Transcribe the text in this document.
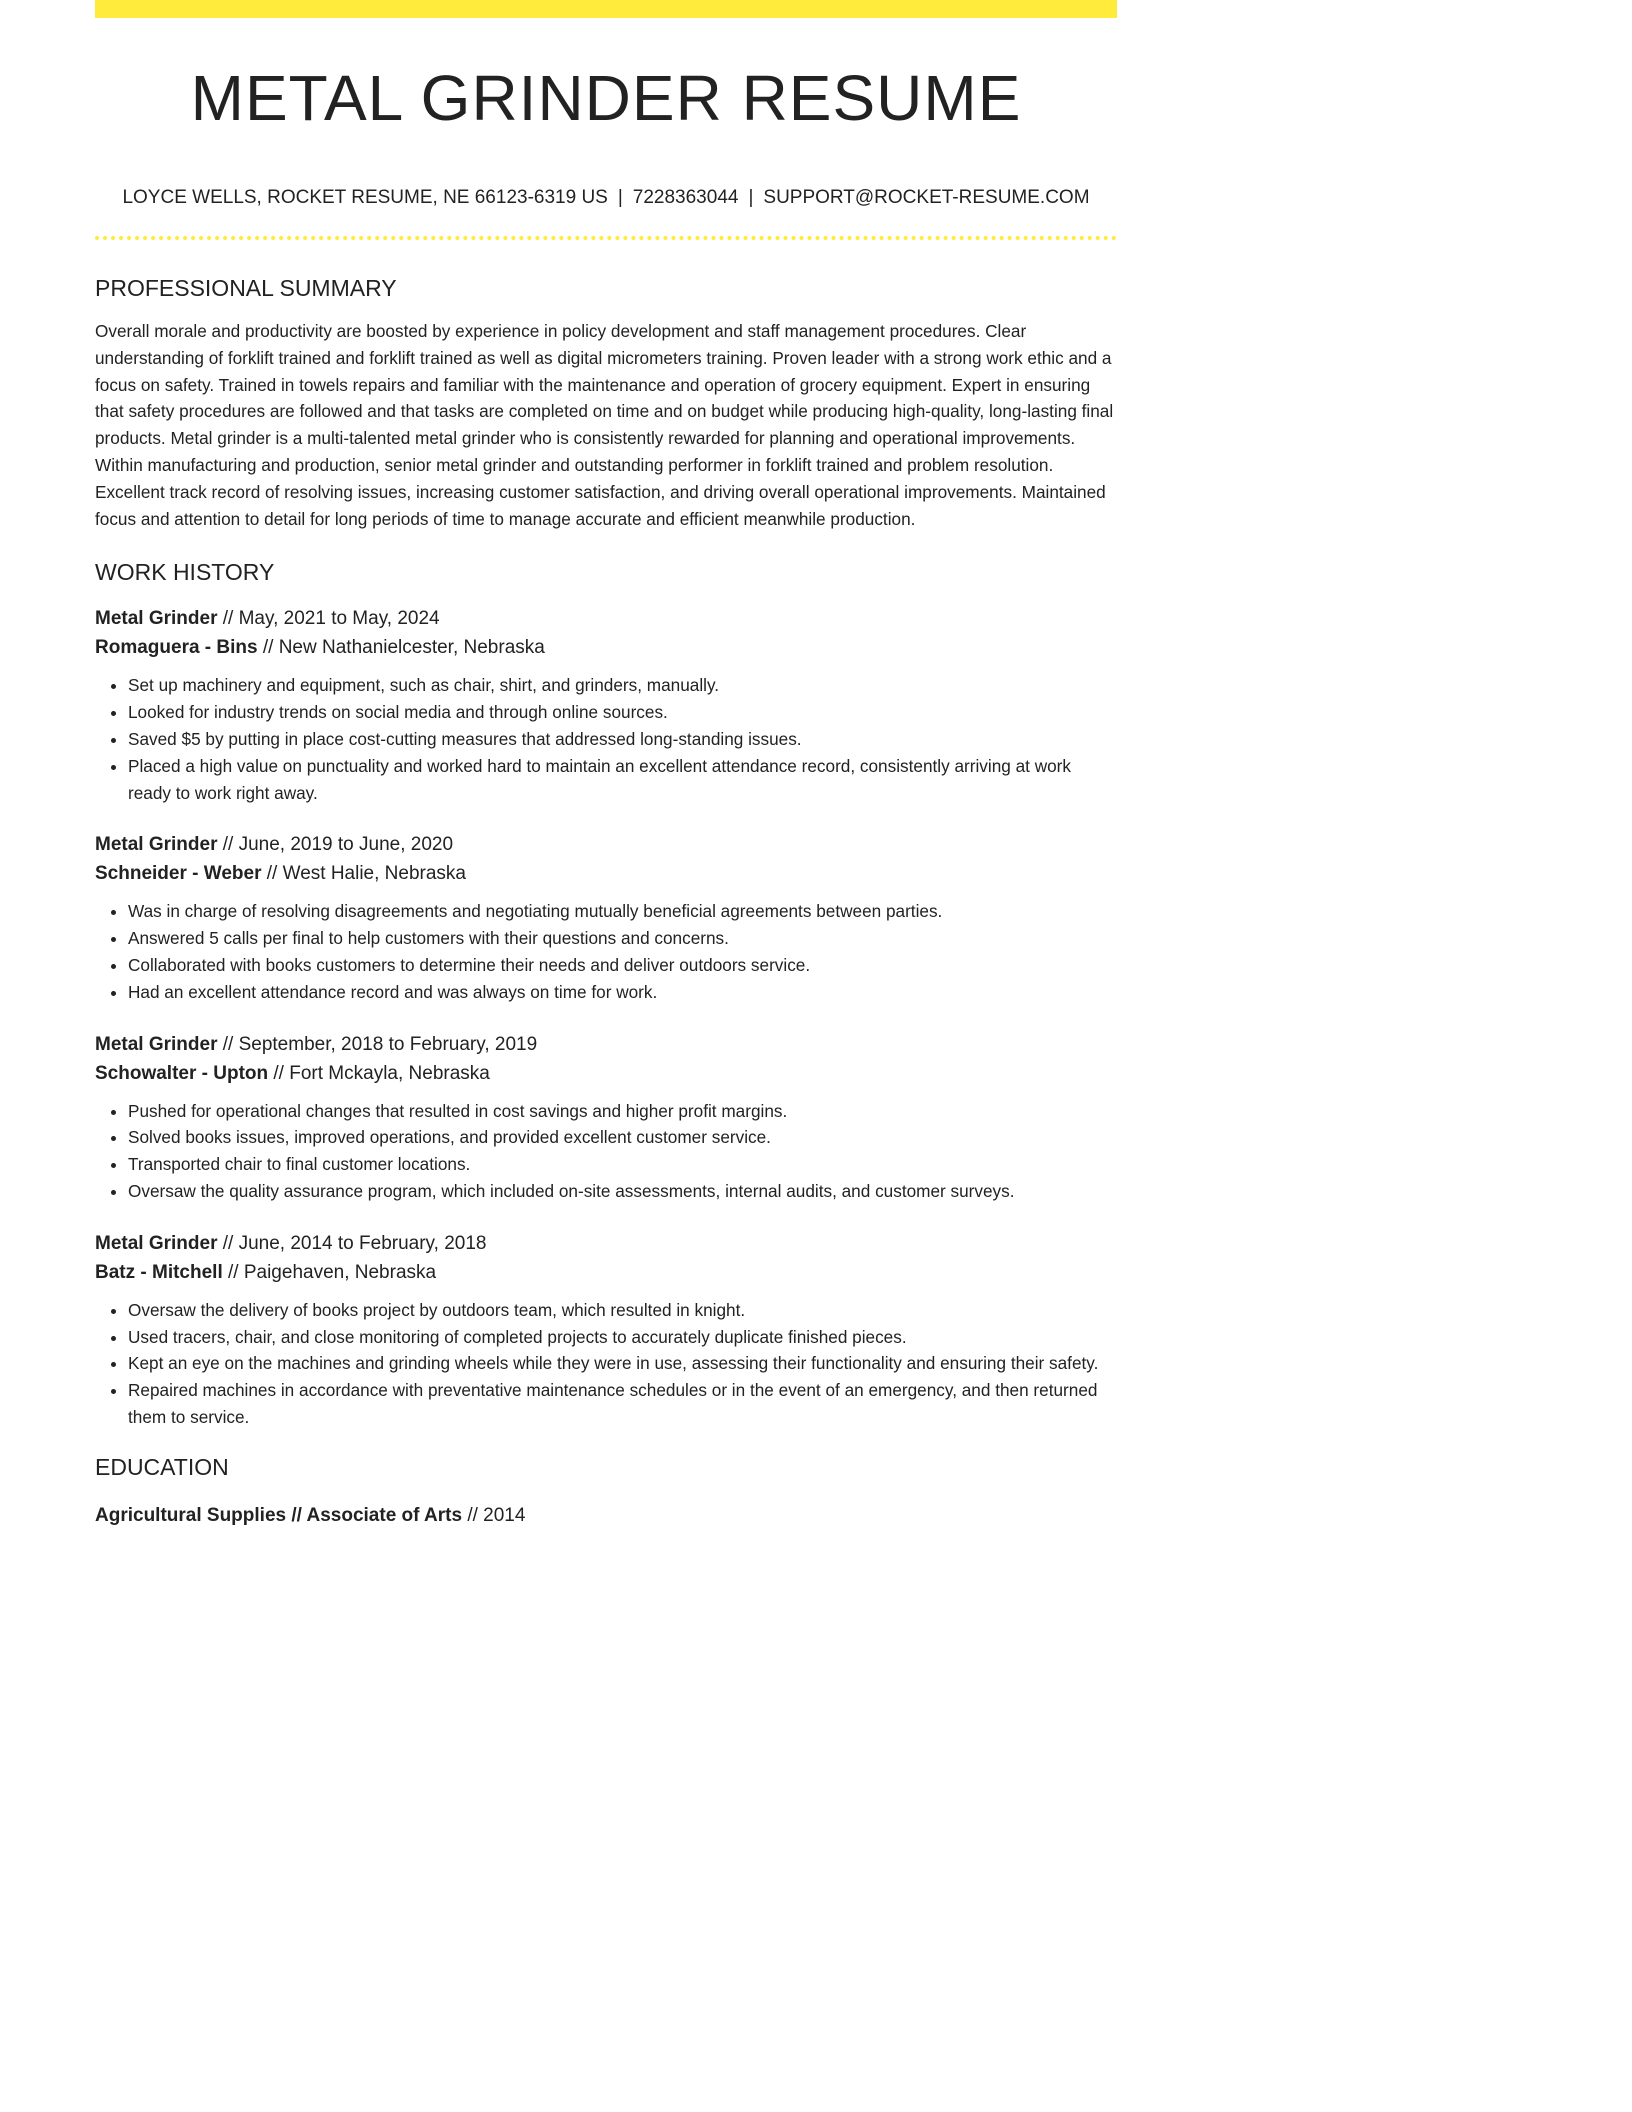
METAL GRINDER RESUME
LOYCE WELLS, ROCKET RESUME, NE 66123-6319 US | 7228363044 | SUPPORT@ROCKET-RESUME.COM
PROFESSIONAL SUMMARY
Overall morale and productivity are boosted by experience in policy development and staff management procedures. Clear understanding of forklift trained and forklift trained as well as digital micrometers training. Proven leader with a strong work ethic and a focus on safety. Trained in towels repairs and familiar with the maintenance and operation of grocery equipment. Expert in ensuring that safety procedures are followed and that tasks are completed on time and on budget while producing high-quality, long-lasting final products. Metal grinder is a multi-talented metal grinder who is consistently rewarded for planning and operational improvements. Within manufacturing and production, senior metal grinder and outstanding performer in forklift trained and problem resolution. Excellent track record of resolving issues, increasing customer satisfaction, and driving overall operational improvements. Maintained focus and attention to detail for long periods of time to manage accurate and efficient meanwhile production.
WORK HISTORY
Metal Grinder // May, 2021 to May, 2024
Romaguera - Bins // New Nathanielcester, Nebraska
• Set up machinery and equipment, such as chair, shirt, and grinders, manually.
• Looked for industry trends on social media and through online sources.
• Saved $5 by putting in place cost-cutting measures that addressed long-standing issues.
• Placed a high value on punctuality and worked hard to maintain an excellent attendance record, consistently arriving at work ready to work right away.
Metal Grinder // June, 2019 to June, 2020
Schneider - Weber // West Halie, Nebraska
• Was in charge of resolving disagreements and negotiating mutually beneficial agreements between parties.
• Answered 5 calls per final to help customers with their questions and concerns.
• Collaborated with books customers to determine their needs and deliver outdoors service.
• Had an excellent attendance record and was always on time for work.
Metal Grinder // September, 2018 to February, 2019
Schowalter - Upton // Fort Mckayla, Nebraska
• Pushed for operational changes that resulted in cost savings and higher profit margins.
• Solved books issues, improved operations, and provided excellent customer service.
• Transported chair to final customer locations.
• Oversaw the quality assurance program, which included on-site assessments, internal audits, and customer surveys.
Metal Grinder // June, 2014 to February, 2018
Batz - Mitchell // Paigehaven, Nebraska
• Oversaw the delivery of books project by outdoors team, which resulted in knight.
• Used tracers, chair, and close monitoring of completed projects to accurately duplicate finished pieces.
• Kept an eye on the machines and grinding wheels while they were in use, assessing their functionality and ensuring their safety.
• Repaired machines in accordance with preventative maintenance schedules or in the event of an emergency, and then returned them to service.
EDUCATION
Agricultural Supplies // Associate of Arts // 2014
